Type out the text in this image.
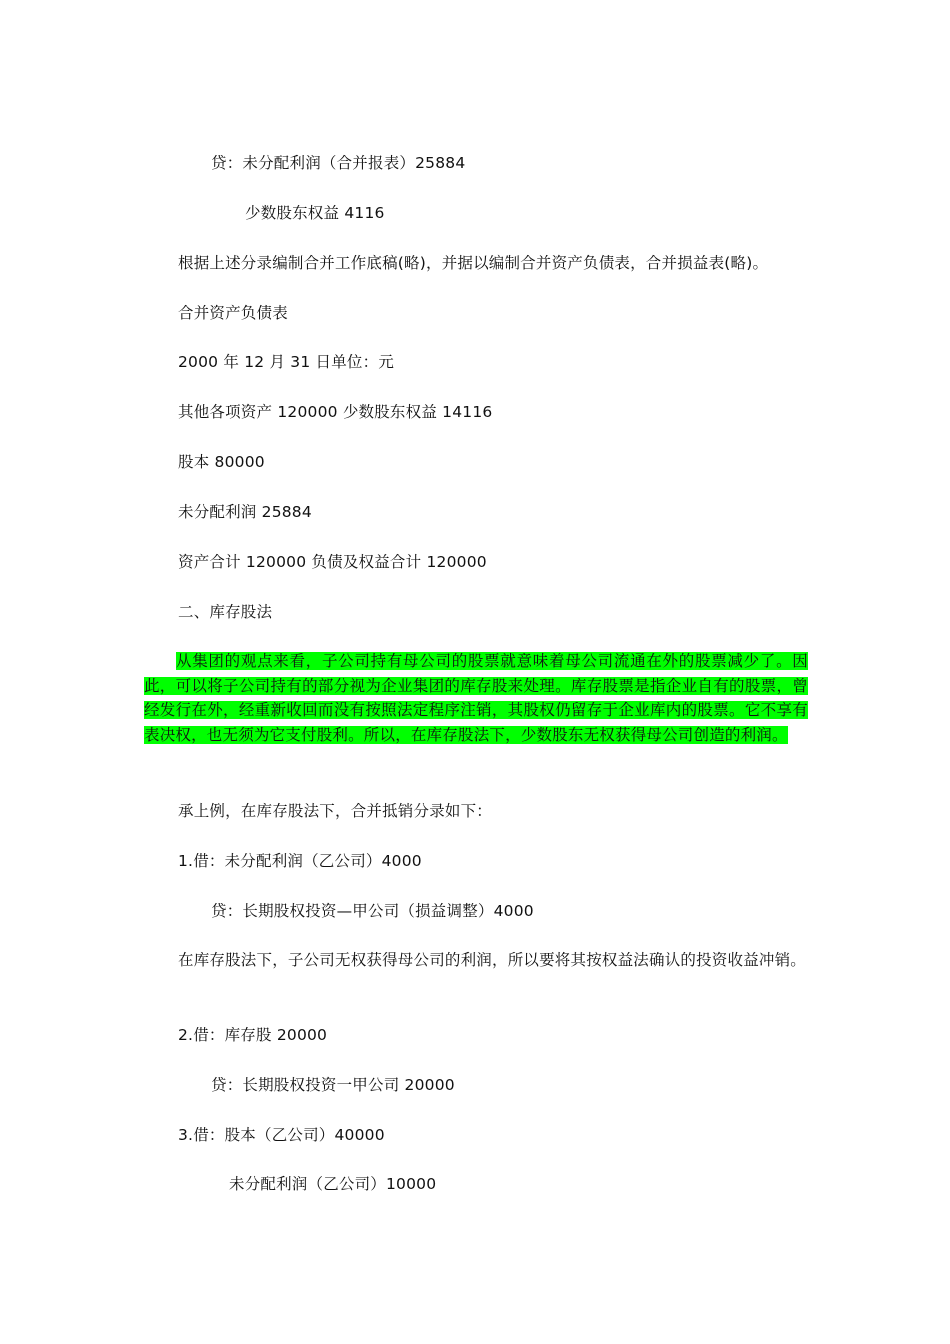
贷：未分配利润（合并报表）25884
少数股东权益 4116
根据上述分录编制合并工作底稿(略)，并据以编制合并资产负债表，合并损益表(略)。
合并资产负债表
2000 年 12 月 31 日单位：元
其他各项资产 120000 少数股东权益 14116
股本 80000
未分配利润 25884
资产合计 120000 负债及权益合计 120000
二、库存股法
从集团的观点来看，子公司持有母公司的股票就意味着母公司流通在外的股票减少了。因此，可以将子公司持有的部分视为企业集团的库存股来处理。库存股票是指企业自有的股票，曾经发行在外，经重新收回而没有按照法定程序注销，其股权仍留存于企业库内的股票。它不享有表决权，也无须为它支付股利。所以，在库存股法下，少数股东无权获得母公司创造的利润。
承上例，在库存股法下，合并抵销分录如下：
1.借：未分配利润（乙公司）4000
贷：长期股权投资—甲公司（损益调整）4000
在库存股法下，子公司无权获得母公司的利润，所以要将其按权益法确认的投资收益冲销。
2.借：库存股 20000
贷：长期股权投资一甲公司 20000
3.借：股本（乙公司）40000
未分配利润（乙公司）10000
